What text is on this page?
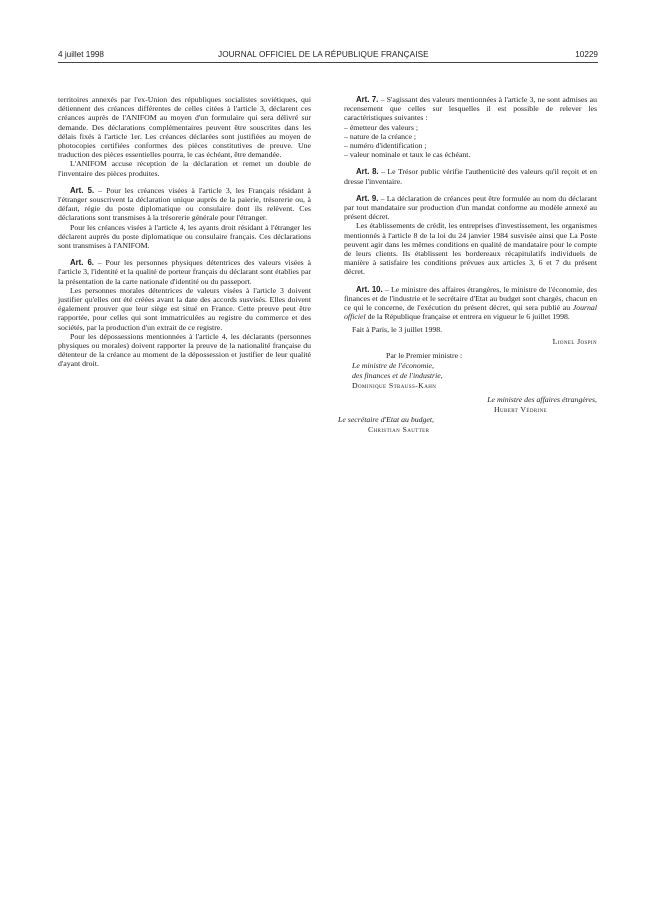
4 juillet 1998	JOURNAL OFFICIEL DE LA RÉPUBLIQUE FRANÇAISE	10229

territoires annexés par l'ex-Union des républiques socialistes soviétiques, qui détiennent des créances différentes de celles citées à l'article 3, déclarent ces créances auprès de l'ANIFOM au moyen d'un formulaire qui sera délivré sur demande. Des déclarations complémentaires peuvent être souscrites dans les délais fixés à l'article 1er. Les créances déclarées sont justifiées au moyen de photocopies certifiées conformes des pièces constitutives de preuve. Une traduction des pièces essentielles pourra, le cas échéant, être demandée.

L'ANIFOM accuse réception de la déclaration et remet un double de l'inventaire des pièces produites.

Art. 5. – Pour les créances visées à l'article 3, les Français résidant à l'étranger souscrivent la déclaration unique auprès de la paierie, trésorerie ou, à défaut, régie du poste diplomatique ou consulaire dont ils relèvent. Ces déclarations sont transmises à la trésorerie générale pour l'étranger.

Pour les créances visées à l'article 4, les ayants droit résidant à l'étranger les déclarent auprès du poste diplomatique ou consulaire français. Ces déclarations sont transmises à l'ANIFOM.

Art. 6. – Pour les personnes physiques détentrices des valeurs visées à l'article 3, l'identité et la qualité de porteur français du déclarant sont établies par la présentation de la carte nationale d'identité ou du passeport.

Les personnes morales détentrices de valeurs visées à l'article 3 doivent justifier qu'elles ont été créées avant la date des accords susvisés. Elles doivent également prouver que leur siège est situé en France. Cette preuve peut être rapportée, pour celles qui sont immatriculées au registre du commerce et des sociétés, par la production d'un extrait de ce registre.

Pour les dépossessions mentionnées à l'article 4, les déclarants (personnes physiques ou morales) doivent rapporter la preuve de la nationalité française du détenteur de la créance au moment de la dépossession et justifier de leur qualité d'ayant droit.

Art. 7. – S'agissant des valeurs mentionnées à l'article 3, ne sont admises au recensement que celles sur lesquelles il est possible de relever les caractéristiques suivantes :

– émetteur des valeurs ;
– nature de la créance ;
– numéro d'identification ;
– valeur nominale et taux le cas échéant.

Art. 8. – Le Trésor public vérifie l'authenticité des valeurs qu'il reçoit et en dresse l'inventaire.

Art. 9. – La déclaration de créances peut être formulée au nom du déclarant par tout mandataire sur production d'un mandat conforme au modèle annexé au présent décret.

Les établissements de crédit, les entreprises d'investissement, les organismes mentionnés à l'article 8 de la loi du 24 janvier 1984 susvisée ainsi que La Poste peuvent agir dans les mêmes conditions en qualité de mandataire pour le compte de leurs clients. Ils établissent les bordereaux récapitulatifs individuels de manière à satisfaire les conditions prévues aux articles 3, 6 et 7 du présent décret.

Art. 10. – Le ministre des affaires étrangères, le ministre de l'économie, des finances et de l'industrie et le secrétaire d'Etat au budget sont chargés, chacun en ce qui le concerne, de l'exécution du présent décret, qui sera publié au Journal officiel de la République française et entrera en vigueur le 6 juillet 1998.

Fait à Paris, le 3 juillet 1998.
Lionel Jospin
Par le Premier ministre :
Le ministre de l'économie,
des finances et de l'industrie,
Dominique Strauss-Kahn
Le ministre des affaires étrangères,
Hubert Védrine
Le secrétaire d'Etat au budget,
Christian Sautter
